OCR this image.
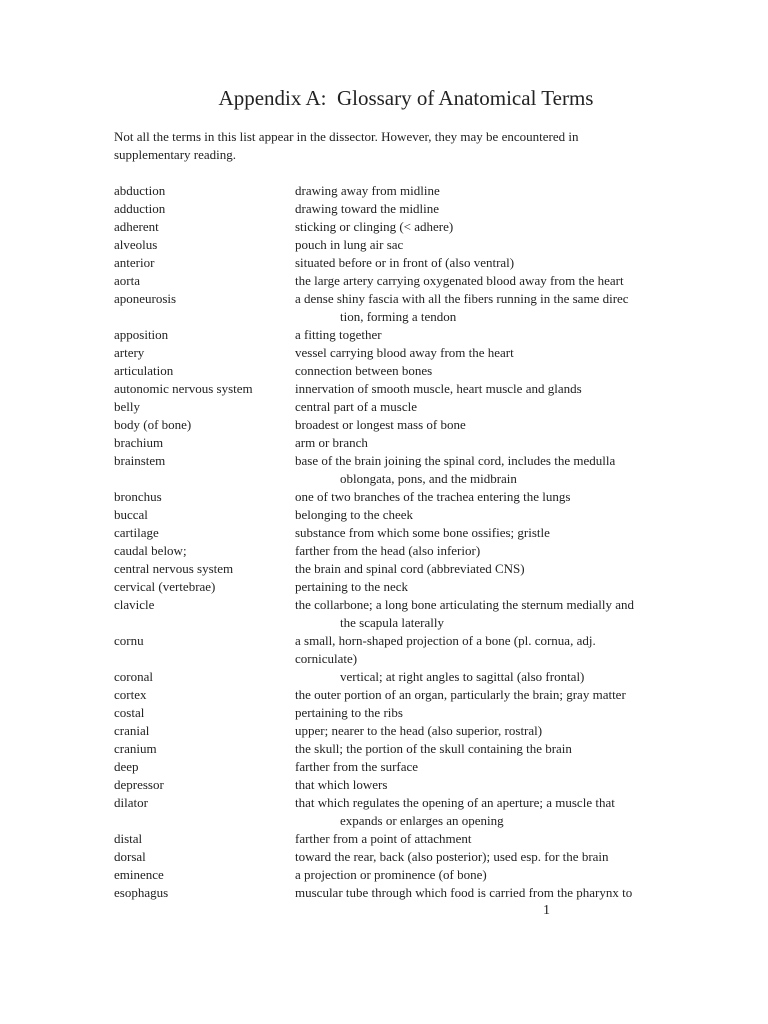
Appendix A:  Glossary of Anatomical Terms
Not all the terms in this list appear in the dissector. However, they may be encountered in
supplementary reading.
abduction	drawing away from midline
adduction	drawing toward the midline
adherent	sticking or clinging (< adhere)
alveolus	pouch in lung air sac
anterior	situated before or in front of (also ventral)
aorta	the large artery carrying oxygenated blood away from the heart
aponeurosis	a dense shiny fascia with all the fibers running in the same direc
tion, forming a tendon
apposition	a fitting together
artery	vessel carrying blood away from the heart
articulation	connection between bones
autonomic nervous system	innervation of smooth muscle, heart muscle and glands
belly	central part of a muscle
body (of bone)	broadest or longest mass of bone
brachium	arm or branch
brainstem	base of the brain joining the spinal cord, includes the medulla
oblongata, pons, and the midbrain
bronchus	one of two branches of the trachea entering the lungs
buccal	belonging to the cheek
cartilage	substance from which some bone ossifies; gristle
caudal below;	farther from the head (also inferior)
central nervous system	the brain and spinal cord (abbreviated CNS)
cervical (vertebrae)	pertaining to the neck
clavicle	the collarbone; a long bone articulating the sternum medially and
the scapula laterally
cornu	a small, horn-shaped projection of a bone (pl. cornua, adj.
corniculate)
coronal	vertical; at right angles to sagittal (also frontal)
cortex	the outer portion of an organ, particularly the brain; gray matter
costal	pertaining to the ribs
cranial	upper; nearer to the head (also superior, rostral)
cranium	the skull; the portion of the skull containing the brain
deep	farther from the surface
depressor	that which lowers
dilator	that which regulates the opening of an aperture; a muscle that
expands or enlarges an opening
distal	farther from a point of attachment
dorsal	toward the rear, back (also posterior); used esp. for the brain
eminence	a projection or prominence (of bone)
esophagus	muscular tube through which food is carried from the pharynx to
1
